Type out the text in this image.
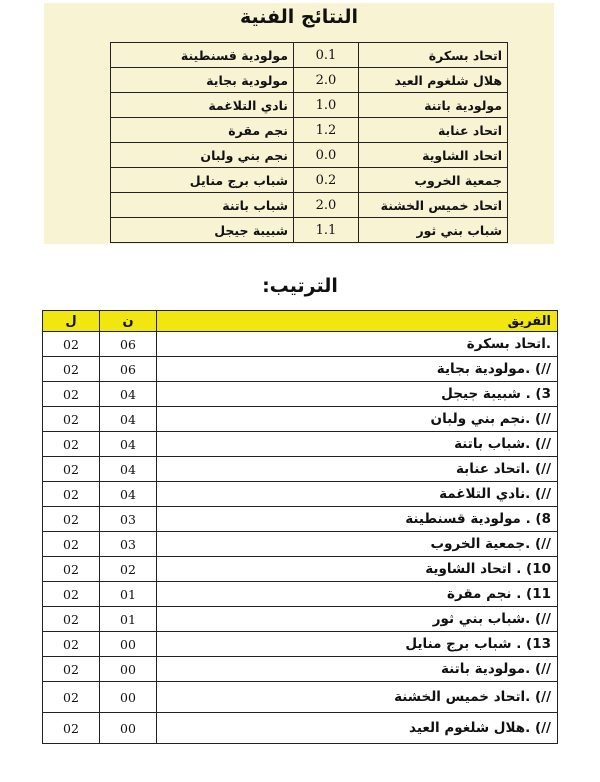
النتائج الفنية
اتحاد بسكرة	0.1	مولودية قسنطينة
هلال شلغوم العيد	2.0	مولودية بجاية
مولودية باتنة	1.0	نادي التلاغمة
اتحاد عنابة	1.2	نجم مقرة
اتحاد الشاوية	0.0	نجم بني ولبان
جمعية الخروب	0.2	شباب برج منايل
اتحاد خميس الخشنة	2.0	شباب باتنة
شباب بني ثور	1.1	شبيبة جيجل
الترتيب:
الفريق	ن	ل
.اتحاد بسكرة	06	02
//) .مولودية بجاية	06	02
3) . شبيبة جيجل	04	02
//) .نجم بني ولبان	04	02
//) .شباب باتنة	04	02
//) .اتحاد عنابة	04	02
//) .نادي التلاغمة	04	02
8) . مولودية قسنطينة	03	02
//) .جمعية الخروب	03	02
10) . اتحاد الشاوية	02	02
11) . نجم مقرة	01	02
//) .شباب بني ثور	01	02
13) . شباب برج منايل	00	02
//) .مولودية باتنة	00	02
//) .اتحاد خميس الخشنة	00	02
//) .هلال شلغوم العيد	00	02
